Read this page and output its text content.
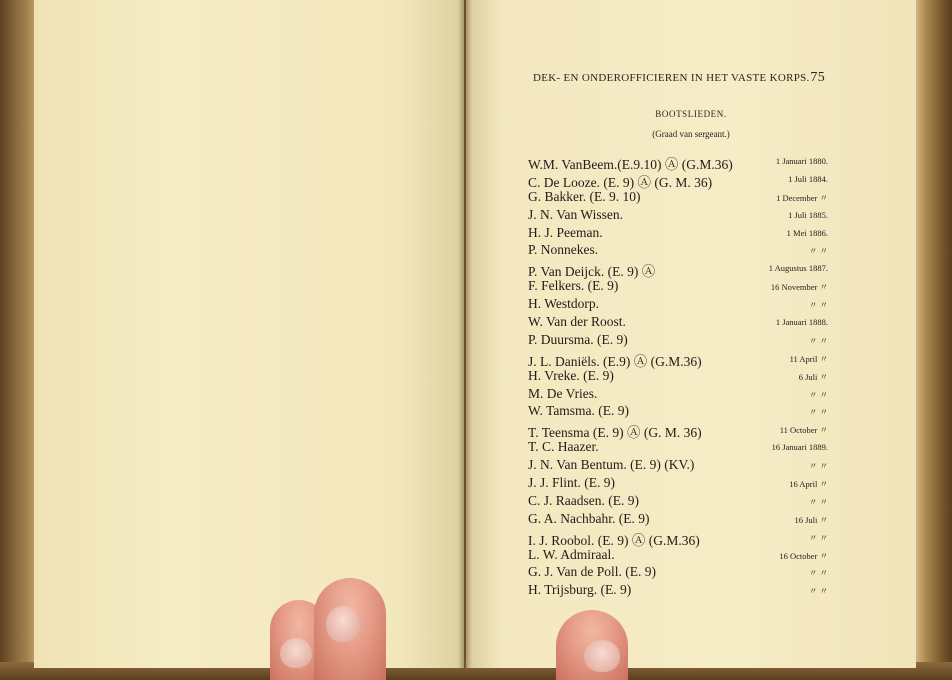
DEK- EN ONDEROFFICIEREN IN HET VASTE KORPS. 75
BOOTSLIEDEN.
(Graad van sergeant.)
W.M. VanBeem.(E.9.10) Ⓐ (G.M.36)	1 Januari 1880.
C. De Looze. (E. 9) Ⓐ (G. M. 36)	1 Juli 1884.
G. Bakker. (E. 9. 10)	1 December 〃
J. N. Van Wissen.	1 Juli 1885.
H. J. Peeman.	1 Mei 1886.
P. Nonnekes.	〃 〃
P. Van Deijck. (E. 9) Ⓐ	1 Augustus 1887.
F. Felkers. (E. 9)	16 November 〃
H. Westdorp.	〃 〃
W. Van der Roost.	1 Januari 1888.
P. Duursma. (E. 9)	〃 〃
J. L. Daniëls. (E.9) Ⓐ (G.M.36)	11 April 〃
H. Vreke. (E. 9)	6 Juli 〃
M. De Vries.	〃 〃
W. Tamsma. (E. 9)	〃 〃
T. Teensma (E. 9) Ⓐ (G. M. 36)	11 October 〃
T. C. Haazer.	16 Januari 1889.
J. N. Van Bentum. (E. 9) (KV.)	〃 〃
J. J. Flint. (E. 9)	16 April 〃
C. J. Raadsen. (E. 9)	〃 〃
G. A. Nachbahr. (E. 9)	16 Juli 〃
I. J. Roobol. (E. 9) Ⓐ (G.M.36)	〃 〃
L. W. Admiraal.	16 October 〃
G. J. Van de Poll. (E. 9)	〃 〃
H. Trijsburg. (E. 9)	〃 〃
